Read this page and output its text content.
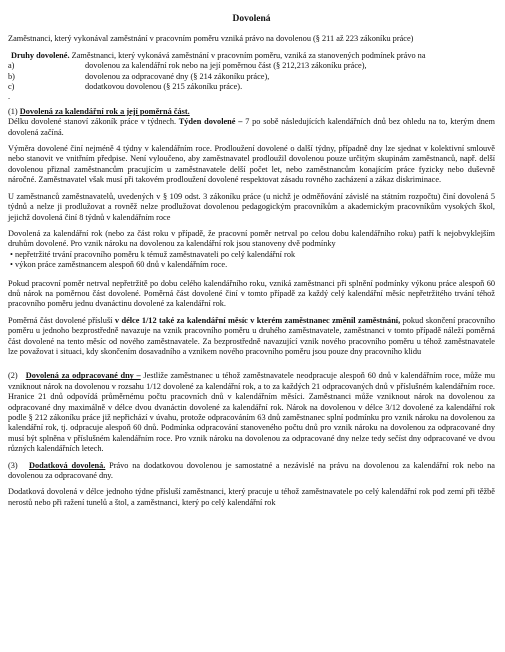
Dovolená

Zaměstnanci, který vykonával zaměstnání v pracovním poměru vzniká právo na dovolenou (§ 211 až 223 zákoníku práce)

Druhy dovolené. Zaměstnanci, který vykonává zaměstnání v pracovním poměru, vzniká za stanovených podmínek právo na
a)	dovolenou za kalendářní rok nebo na její poměrnou část (§ 212,213 zákoníku práce),
b)	dovolenou za odpracované dny (§ 214 zákoníku práce),
c)	dodatkovou dovolenou (§ 215 zákoníku práce).
.
(1) Dovolená za kalendářní rok a její poměrná část.

Délku dovolené stanoví zákoník práce v týdnech. Týden dovolené – 7 po sobě následujících kalendářních dnů bez ohledu na to, kterým dnem dovolená začíná.

Výměra dovolené činí nejméně 4 týdny v kalendářním roce. Prodloužení dovolené o další týdny, případně dny lze sjednat v kolektivní smlouvě nebo stanovit ve vnitřním předpise. Není vyloučeno, aby zaměstnavatel prodloužil dovolenou pouze určitým skupinám zaměstnanců, např. delší dovolenou přiznal zaměstnancům pracujícím u zaměstnavatele delší počet let, nebo zaměstnancům konajícím práce fyzicky nebo duševně náročné. Zaměstnavatel však musí při takovém prodloužení dovolené respektovat zásadu rovného zacházení a zákaz diskriminace.

U zaměstnanců zaměstnavatelů, uvedených v § 109 odst. 3 zákoníku práce (u nichž je odměňování závislé na státním rozpočtu) činí dovolená 5 týdnů a nelze ji prodlužovat a rovněž nelze prodlužovat dovolenou pedagogickým pracovníkům a akademickým pracovníkům vysokých škol, jejichž dovolená činí 8 týdnů v kalendářním roce

Dovolená za kalendářní rok (nebo za část roku v případě, že pracovní poměr netrval po celou dobu kalendářního roku) patří k nejobvyklejším druhům dovolené. Pro vznik nároku na dovolenou za kalendářní rok jsou stanoveny dvě podmínky

• nepřetržité trvání pracovního poměru k témuž zaměstnavateli po celý kalendářní rok
• výkon práce zaměstnancem alespoň 60 dnů v kalendářním roce.

Pokud pracovní poměr netrval nepřetržitě po dobu celého kalendářního roku, vzniká zaměstnanci při splnění podmínky výkonu práce alespoň 60 dnů nárok na poměrnou část dovolené. Poměrná část dovolené činí v tomto případě za každý celý kalendářní měsíc nepřetržitého trvání téhož pracovního poměru jednu dvanáctinu dovolené za kalendářní rok.

Poměrná část dovolené přísluší v délce 1/12 také za kalendářní měsíc v kterém zaměstnanec změnil zaměstnání, pokud skončení pracovního poměru u jednoho bezprostředně navazuje na vznik pracovního poměru u druhého zaměstnavatele, zaměstnanci v tomto případě náleží poměrná část dovolené na tento měsíc od nového zaměstnavatele. Za bezprostředně navazující vznik nového pracovního poměru u téhož zaměstnavatele lze považovat i situaci, kdy skončením dosavadního a vznikem nového pracovního poměru jsou pouze dny pracovního klidu

(2) Dovolená za odpracované dny – Jestliže zaměstnanec u téhož zaměstnavatele neodpracuje alespoň 60 dnů v kalendářním roce, může mu vzniknout nárok na dovolenou v rozsahu 1/12 dovolené za kalendářní rok, a to za každých 21 odpracovaných dnů v příslušném kalendářním roce. Hranice 21 dnů odpovídá průměrnému počtu pracovních dnů v kalendářním měsíci. Zaměstnanci může vzniknout nárok na dovolenou za odpracované dny maximálně v délce dvou dvanáctin dovolené za kalendářní rok. Nárok na dovolenou v délce 3/12 dovolené za kalendářní rok podle § 212 zákoníku práce již nepřichází v úvahu, protože odpracováním 63 dnů zaměstnanec splní podmínku pro vznik nároku na dovolenou za kalendářní rok, tj. odpracuje alespoň 60 dnů. Podmínka odpracování stanoveného počtu dnů pro vznik nároku na dovolenou za odpracované dny musí být splněna v příslušném kalendářním roce. Pro vznik nároku na dovolenou za odpracované dny nelze tedy sečíst dny odpracované ve dvou různých kalendářních letech.

(3) Dodatková dovolená. Právo na dodatkovou dovolenou je samostatné a nezávislé na právu na dovolenou za kalendářní rok nebo na dovolenou za odpracované dny.

Dodatková dovolená v délce jednoho týdne přísluší zaměstnanci, který pracuje u téhož zaměstnavatele po celý kalendářní rok pod zemí při těžbě nerostů nebo při ražení tunelů a štol, a zaměstnanci, který po celý kalendářní rok
